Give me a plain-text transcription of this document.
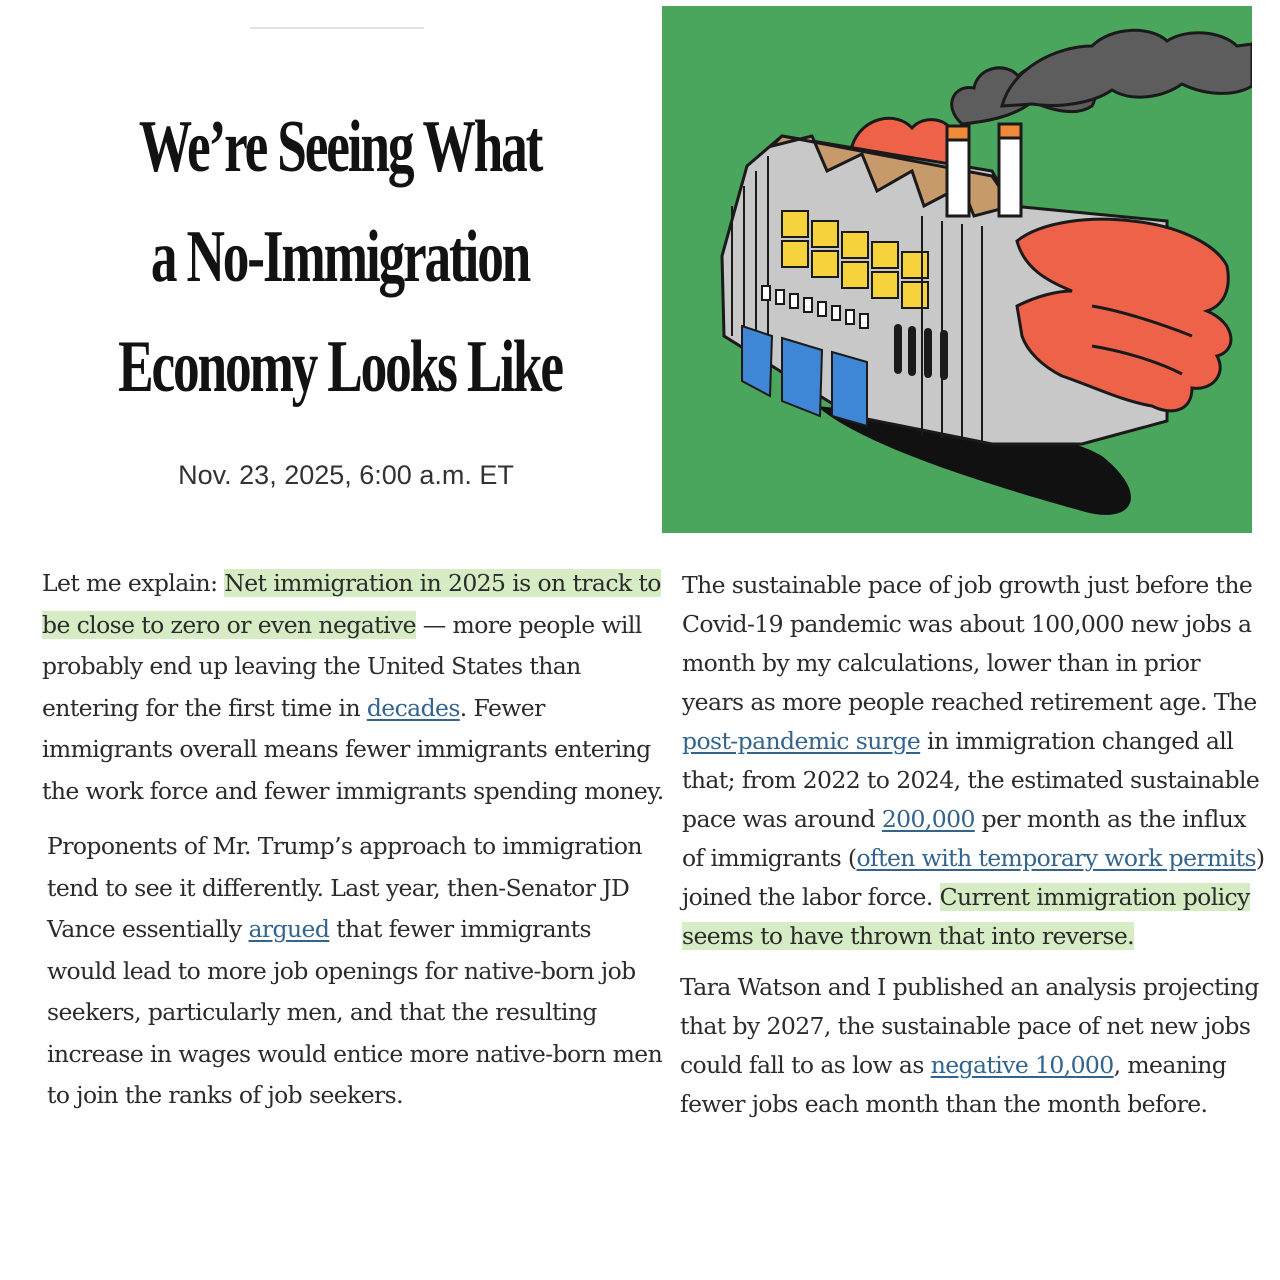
We’re Seeing What
a No-Immigration
Economy Looks Like
Nov. 23, 2025, 6:00 a.m. ET

Let me explain: Net immigration in 2025 is on track to be close to zero or even negative — more people will probably end up leaving the United States than entering for the first time in decades. Fewer immigrants overall means fewer immigrants entering the work force and fewer immigrants spending money.

Proponents of Mr. Trump’s approach to immigration tend to see it differently. Last year, then-Senator JD Vance essentially argued that fewer immigrants would lead to more job openings for native-born job seekers, particularly men, and that the resulting increase in wages would entice more native-born men to join the ranks of job seekers.

The sustainable pace of job growth just before the Covid-19 pandemic was about 100,000 new jobs a month by my calculations, lower than in prior years as more people reached retirement age. The post-pandemic surge in immigration changed all that; from 2022 to 2024, the estimated sustainable pace was around 200,000 per month as the influx of immigrants (often with temporary work permits) joined the labor force. Current immigration policy seems to have thrown that into reverse.

Tara Watson and I published an analysis projecting that by 2027, the sustainable pace of net new jobs could fall to as low as negative 10,000, meaning fewer jobs each month than the month before.
